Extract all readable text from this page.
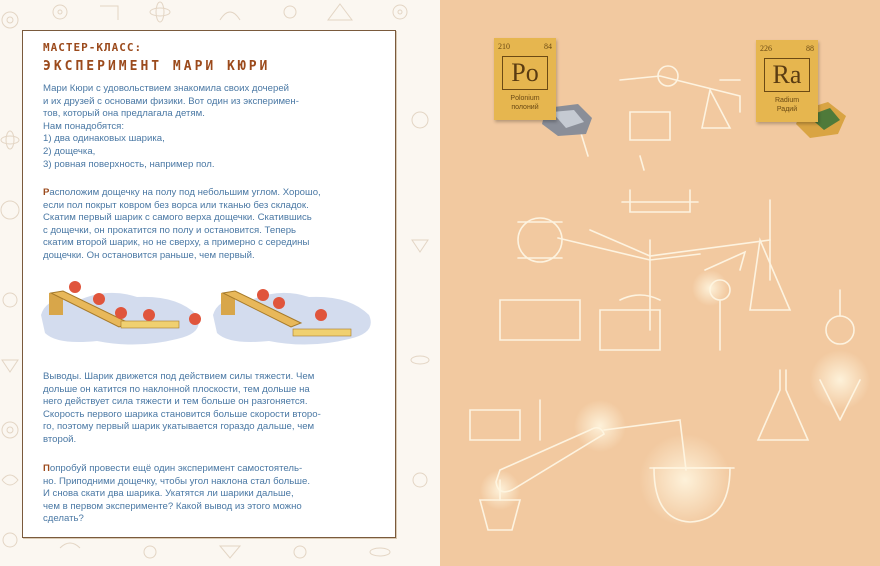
МАСТЕР-КЛАСС:
ЭКСПЕРИМЕНТ МАРИ КЮРИ
Мари Кюри с удовольствием знакомила своих дочерей
и их друзей с основами физики. Вот один из эксперимен-
тов, который она предлагала детям.
Нам понадобятся:
1) два одинаковых шарика,
2) дощечка,
3) ровная поверхность, например пол.
Расположим дощечку на полу под небольшим углом. Хорошо,
если пол покрыт ковром без ворса или тканью без складок.
Скатим первый шарик с самого верха дощечки. Скатившись
с дощечки, он прокатится по полу и остановится. Теперь
скатим второй шарик, но не сверху, а примерно с середины
дощечки. Он остановится раньше, чем первый.
Выводы. Шарик движется под действием силы тяжести. Чем
дольше он катится по наклонной плоскости, тем дольше на
него действует сила тяжести и тем больше он разгоняется.
Скорость первого шарика становится больше скорости второ-
го, поэтому первый шарик укатывается гораздо дальше, чем
второй.
Попробуй провести ещё один эксперимент самостоятель-
но. Приподними дощечку, чтобы угол наклона стал больше.
И снова скати два шарика. Укатятся ли шарики дальше,
чем в первом эксперименте? Какой вывод из этого можно
сделать?
210	84
Po
Polonium
полоний
226	88
Ra
Radium
Радий
